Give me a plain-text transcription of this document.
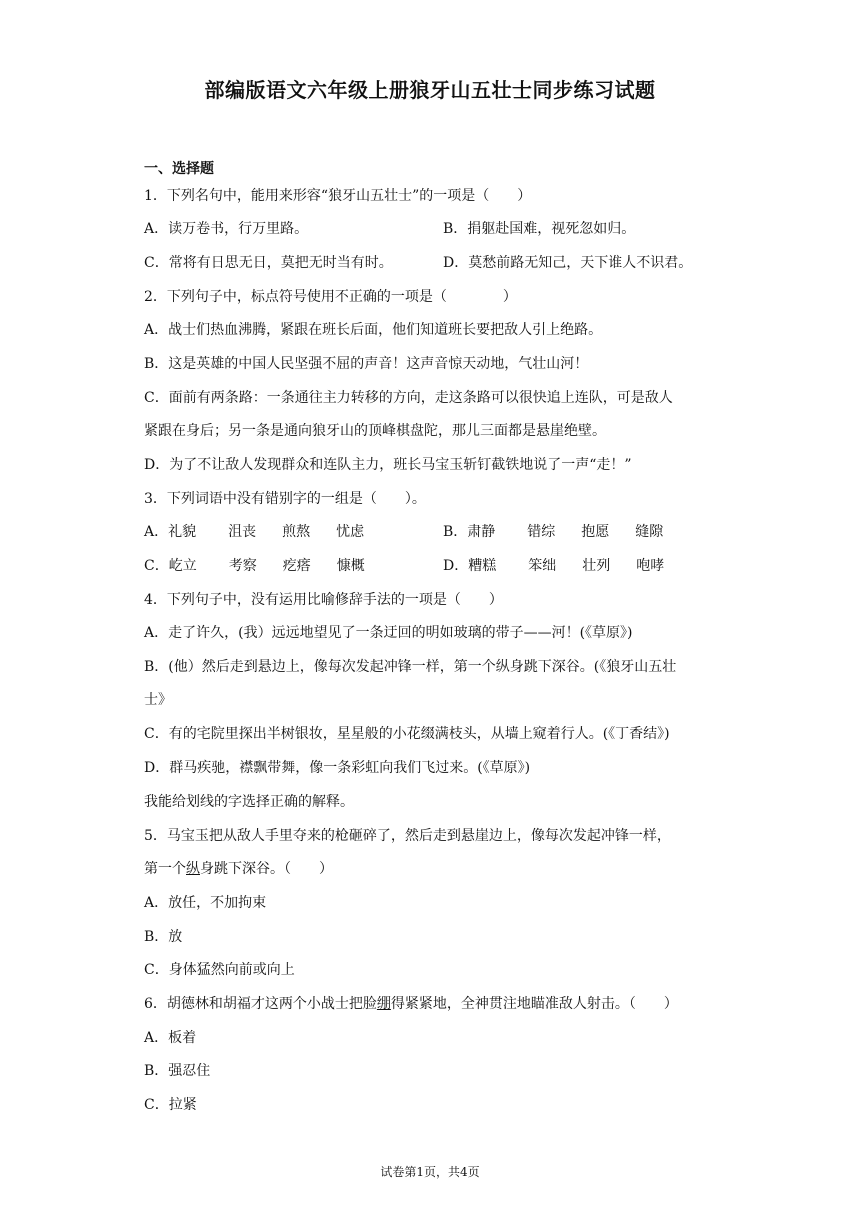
部编版语文六年级上册狼牙山五壮士同步练习试题
一、选择题
1．下列名句中，能用来形容“狼牙山五壮士”的一项是（　　）
A．读万卷书，行万里路。	B．捐躯赴国难，视死忽如归。
C．常将有日思无日，莫把无时当有时。	D．莫愁前路无知己，天下谁人不识君。
2．下列句子中，标点符号使用不正确的一项是（　　　　）
A．战士们热血沸腾，紧跟在班长后面，他们知道班长要把敌人引上绝路。
B．这是英雄的中国人民坚强不屈的声音！这声音惊天动地，气壮山河！
C．面前有两条路：一条通往主力转移的方向，走这条路可以很快追上连队，可是敌人
紧跟在身后；另一条是通向狼牙山的顶峰棋盘陀，那儿三面都是悬崖绝壁。
D．为了不让敌人发现群众和连队主力，班长马宝玉斩钉截铁地说了一声“走！”
3．下列词语中没有错别字的一组是（　　）。
A．礼貌 沮丧 煎熬 忧虑	B．肃静 错综 抱愿 缝隙
C．屹立 考察 疙瘩 慷概	D．糟糕 笨绌 壮列 咆哮
4．下列句子中，没有运用比喻修辞手法的一项是（　　）
A．走了许久，(我）远远地望见了一条迂回的明如玻璃的带子——河！(《草原》)
B．(他）然后走到悬边上，像每次发起冲锋一样，第一个纵身跳下深谷。(《狼牙山五壮
士》
C．有的宅院里探出半树银妆，星星般的小花缀满枝头，从墙上窥着行人。(《丁香结》)
D．群马疾驰，襟飘带舞，像一条彩虹向我们飞过来。(《草原》)
我能给划线的字选择正确的解释。
5．马宝玉把从敌人手里夺来的枪砸碎了，然后走到悬崖边上，像每次发起冲锋一样，
第一个纵身跳下深谷。（　　）
A．放任，不加拘束
B．放
C．身体猛然向前或向上
6．胡德林和胡福才这两个小战士把脸绷得紧紧地，全神贯注地瞄准敌人射击。（　　）
A．板着
B．强忍住
C．拉紧
试卷第1页，共4页
